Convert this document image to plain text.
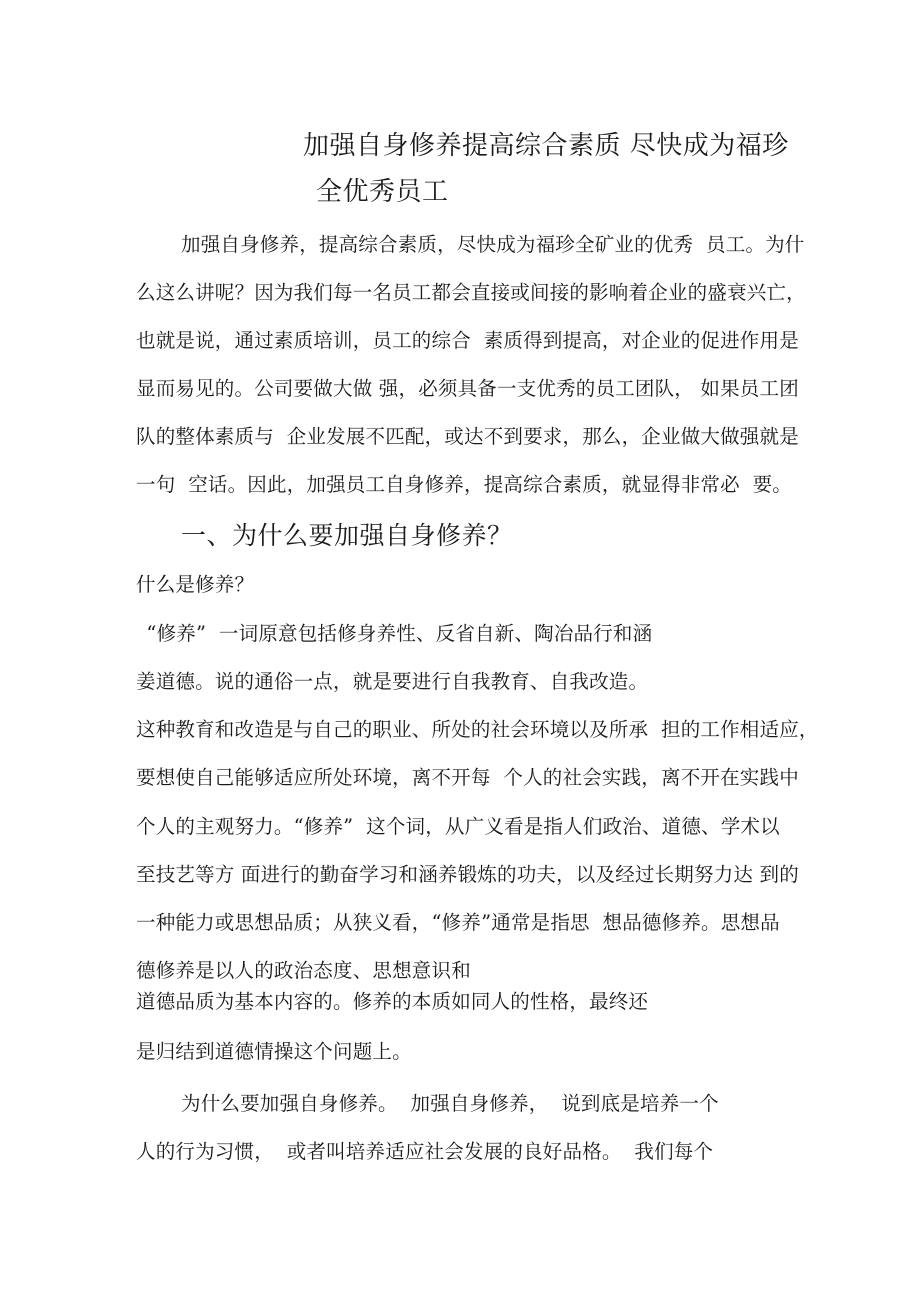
加强自身修养提高综合素质 尽快成为福珍
全优秀员工
加强自身修养，提高综合素质，尽快成为福珍全矿业的优秀  员工。为什
么这么讲呢？因为我们每一名员工都会直接或间接的影响着企业的盛衰兴亡，
也就是说，通过素质培训，员工的综合  素质得到提高，对企业的促进作用是
显而易见的。公司要做大做 强，必须具备一支优秀的员工团队， 如果员工团
队的整体素质与  企业发展不匹配，或达不到要求，那么，企业做大做强就是
一句  空话。因此，加强员工自身修养，提高综合素质，就显得非常必  要。
一、为什么要加强自身修养？
什么是修养？
“修养”  一词原意包括修身养性、反省自新、陶冶品行和涵
姜道德。说的通俗一点，就是要进行自我教育、自我改造。
这种教育和改造是与自己的职业、所处的社会环境以及所承  担的工作相适应，
要想使自己能够适应所处环境，离不开每  个人的社会实践，离不开在实践中
个人的主观努力。“修养”  这个词，从广义看是指人们政治、道德、学术以
至技艺等方 面进行的勤奋学习和涵养锻炼的功夫，以及经过长期努力达 到的
一种能力或思想品质；从狭义看，“修养”通常是指思  想品德修养。思想品
德修养是以人的政治态度、思想意识和
道德品质为基本内容的。修养的本质如同人的性格，最终还
是归结到道德情操这个问题上。
为什么要加强自身修养。  加强自身修养，  说到底是培养一个
人的行为习惯，  或者叫培养适应社会发展的良好品格。  我们每个
